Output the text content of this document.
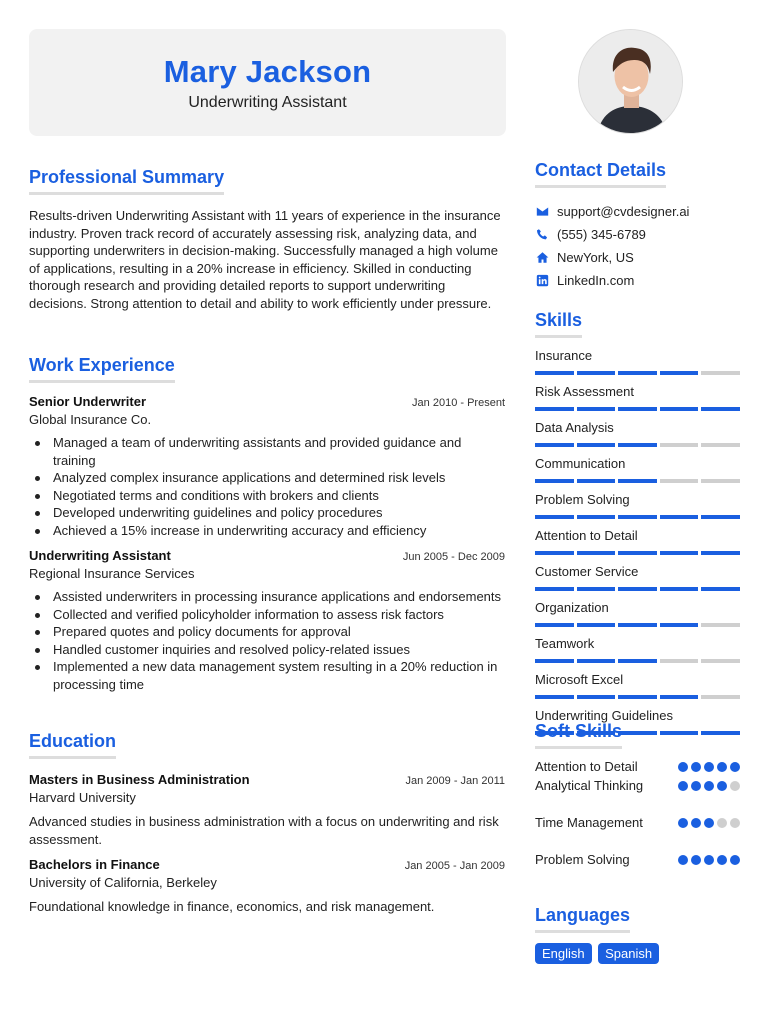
Mary Jackson
Underwriting Assistant
Professional Summary
Results-driven Underwriting Assistant with 11 years of experience in the insurance industry. Proven track record of accurately assessing risk, analyzing data, and supporting underwriters in decision-making. Successfully managed a high volume of applications, resulting in a 20% increase in efficiency. Skilled in conducting thorough research and providing detailed reports to support underwriting decisions. Strong attention to detail and ability to work efficiently under pressure.
Work Experience
Senior Underwriter	Jan 2010 - Present
Global Insurance Co.
Managed a team of underwriting assistants and provided guidance and training
Analyzed complex insurance applications and determined risk levels
Negotiated terms and conditions with brokers and clients
Developed underwriting guidelines and policy procedures
Achieved a 15% increase in underwriting accuracy and efficiency
Underwriting Assistant	Jun 2005 - Dec 2009
Regional Insurance Services
Assisted underwriters in processing insurance applications and endorsements
Collected and verified policyholder information to assess risk factors
Prepared quotes and policy documents for approval
Handled customer inquiries and resolved policy-related issues
Implemented a new data management system resulting in a 20% reduction in processing time
Education
Masters in Business Administration	Jan 2009 - Jan 2011
Harvard University
Advanced studies in business administration with a focus on underwriting and risk assessment.
Bachelors in Finance	Jan 2005 - Jan 2009
University of California, Berkeley
Foundational knowledge in finance, economics, and risk management.
Contact Details
support@cvdesigner.ai
(555) 345-6789
NewYork, US
LinkedIn.com
Skills
Insurance
Risk Assessment
Data Analysis
Communication
Problem Solving
Attention to Detail
Customer Service
Organization
Teamwork
Microsoft Excel
Underwriting Guidelines
Soft Skills
Attention to Detail
Analytical Thinking
Time Management
Problem Solving
Languages
English Spanish
